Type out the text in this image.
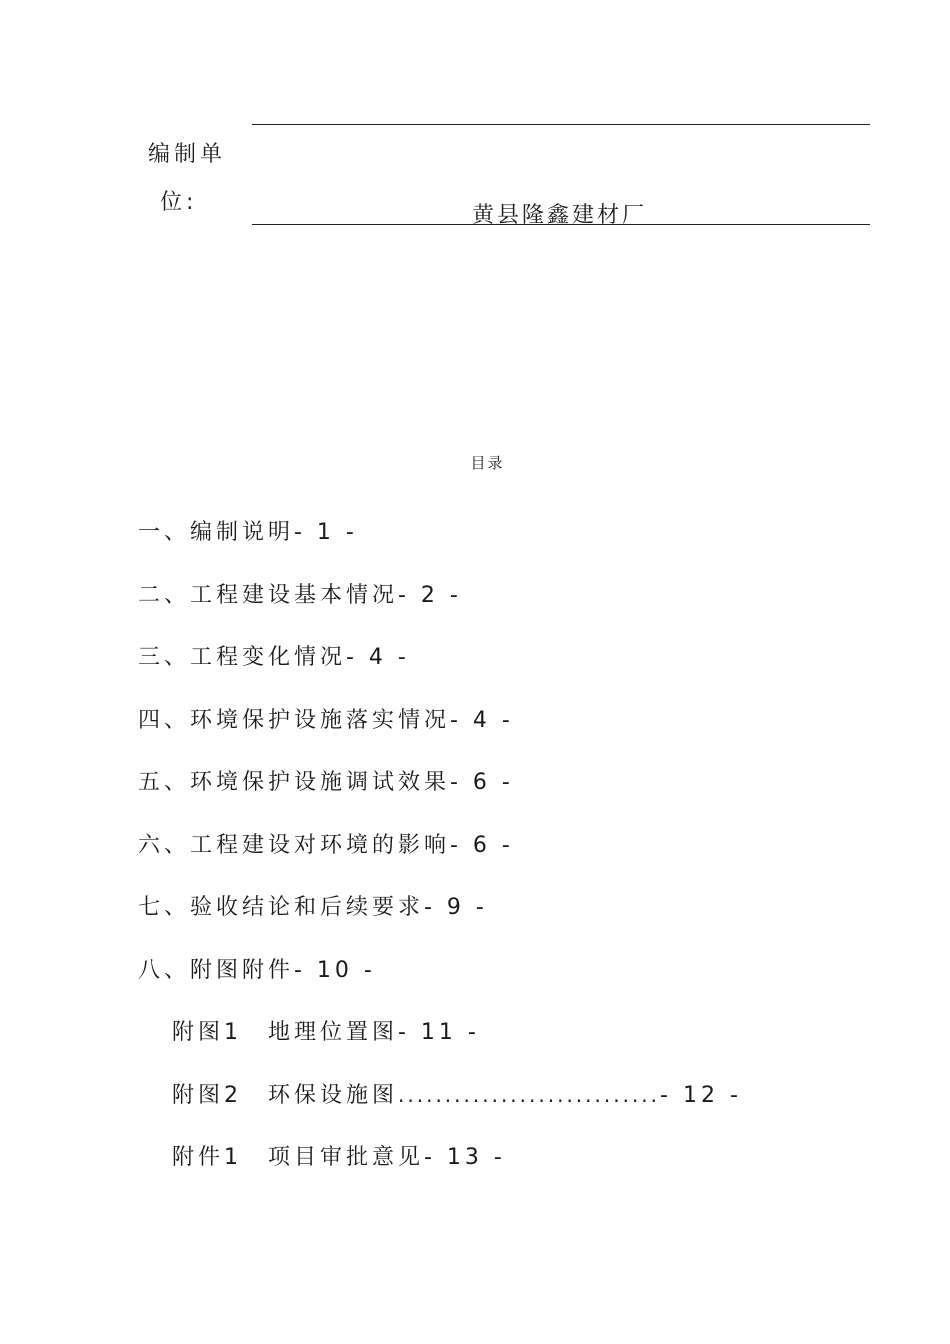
编制单
位:
黄县隆鑫建材厂
目录
一、编制说明- 1 -
二、工程建设基本情况- 2 -
三、工程变化情况- 4 -
四、环境保护设施落实情况- 4 -
五、环境保护设施调试效果- 6 -
六、工程建设对环境的影响- 6 -
七、验收结论和后续要求- 9 -
八、附图附件- 10 -
附图1 地理位置图- 11 -
附图2 环保设施图............................- 12 -
附件1 项目审批意见- 13 -
